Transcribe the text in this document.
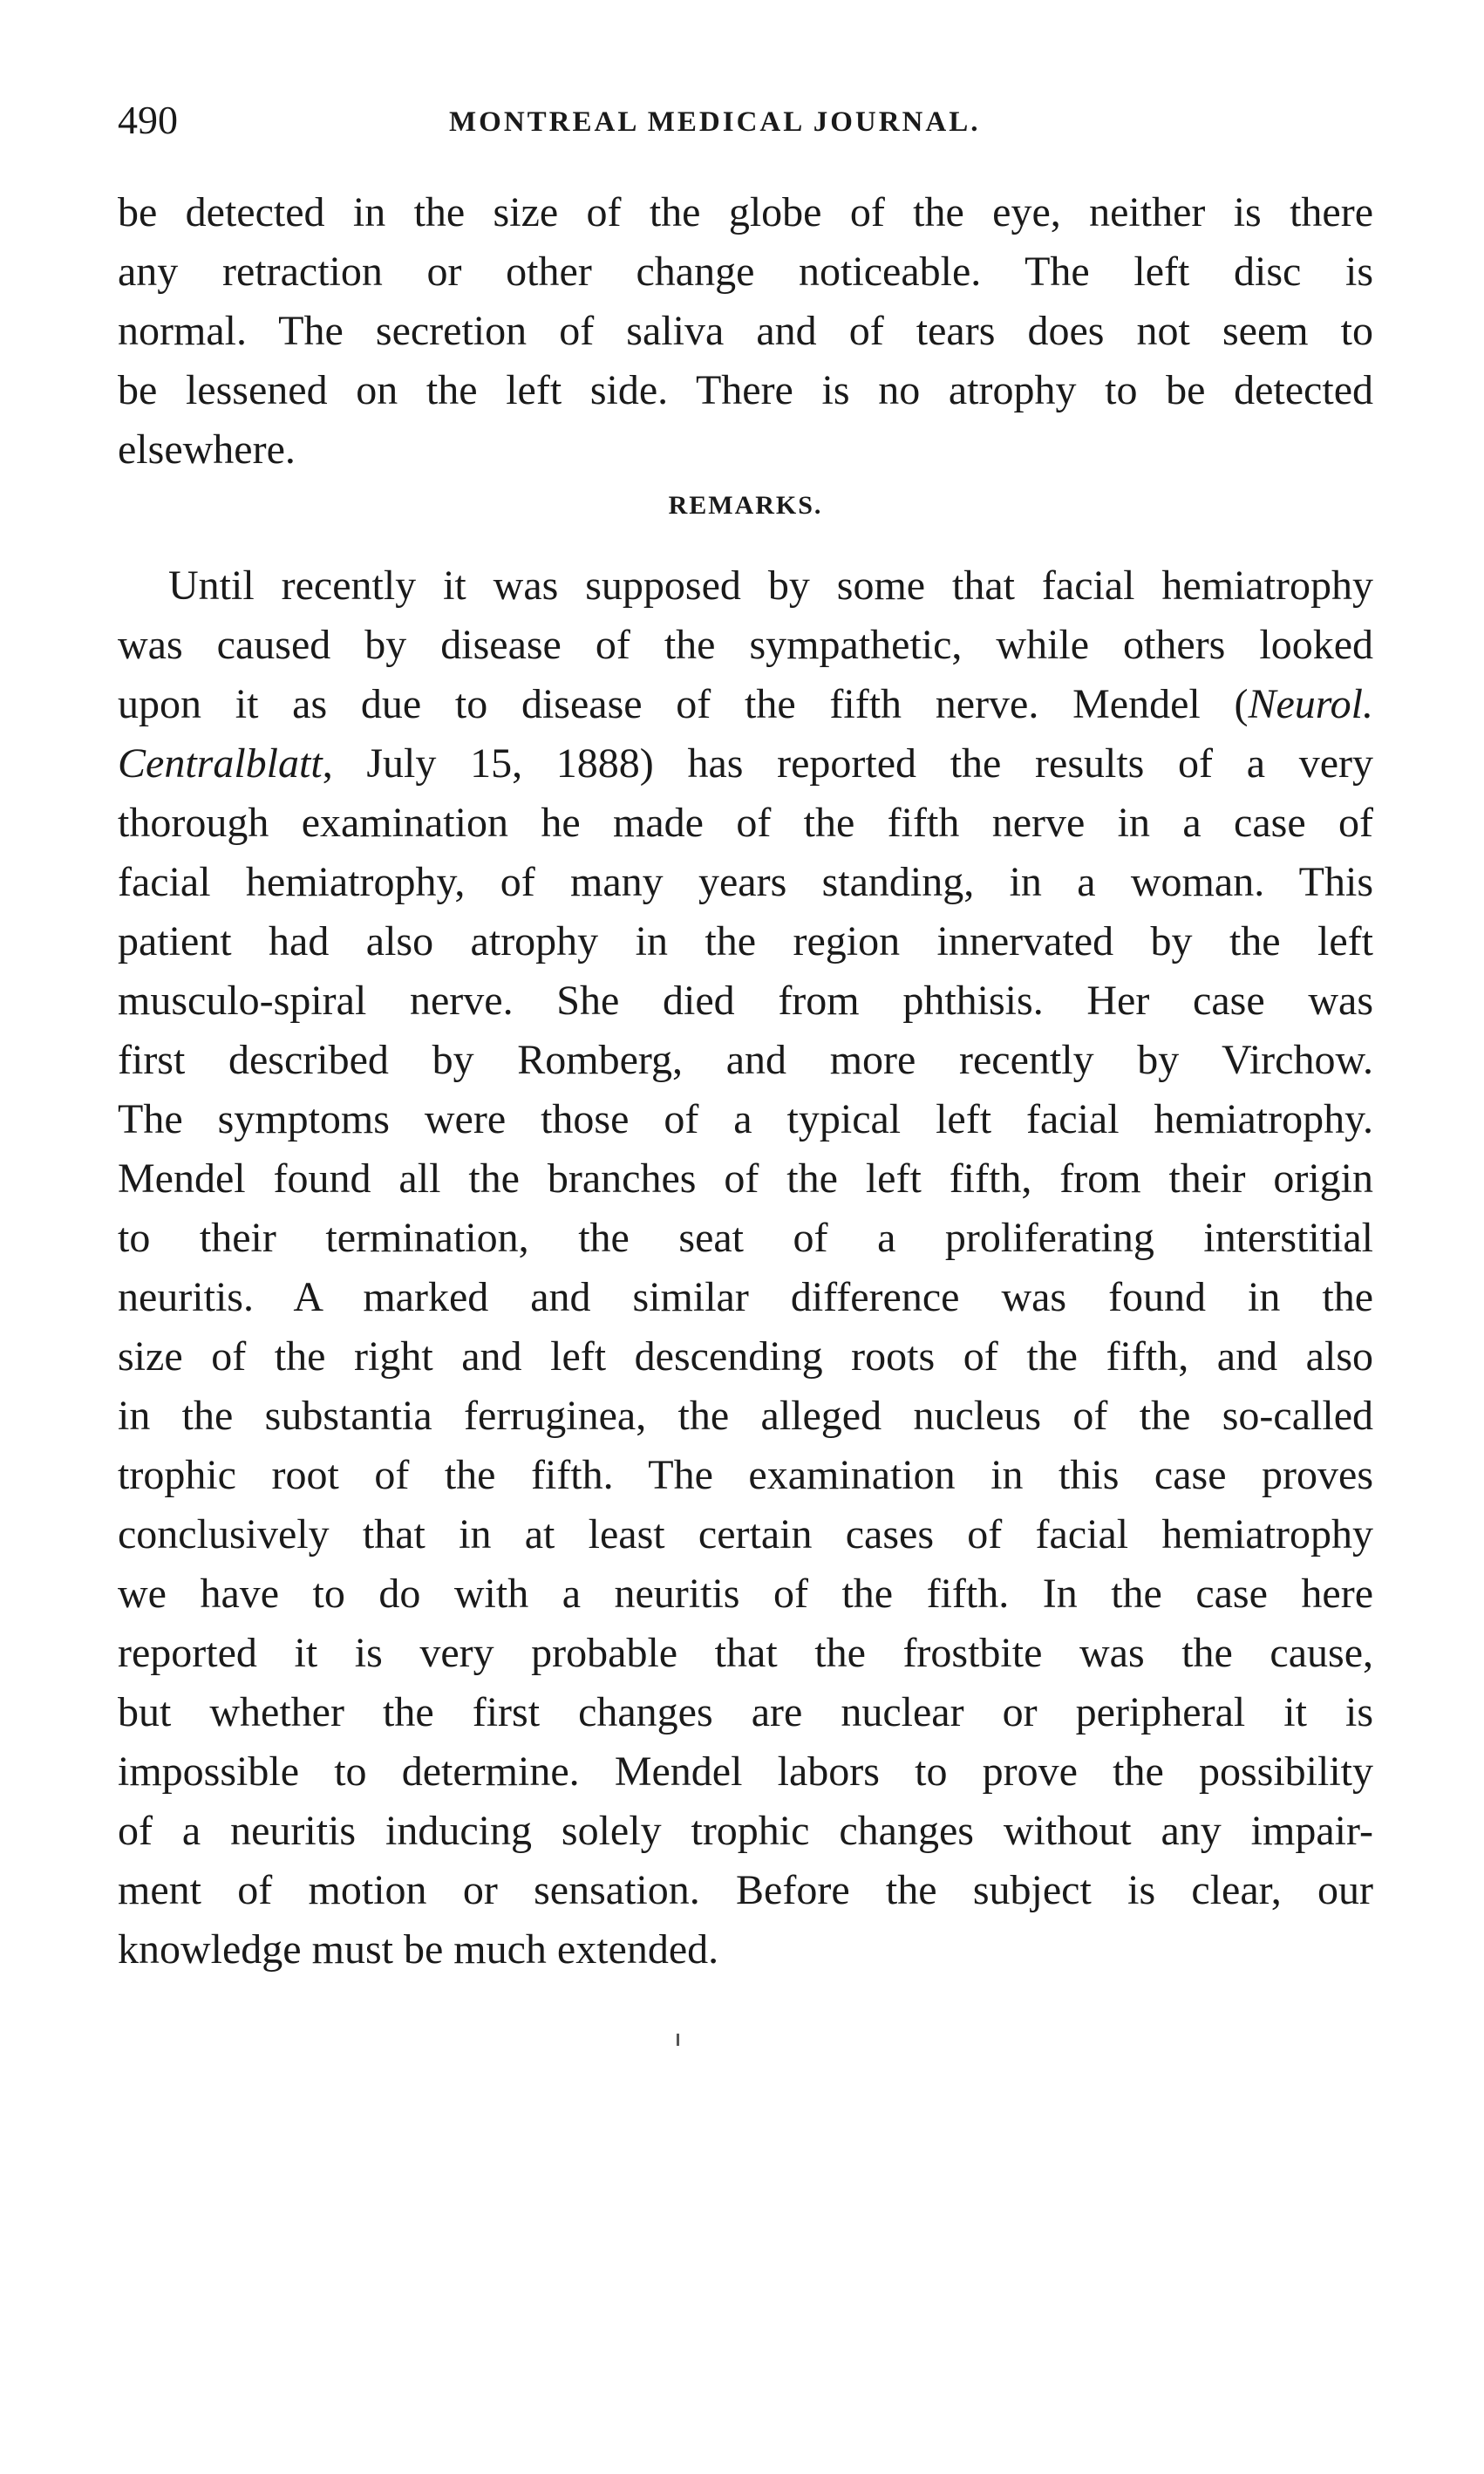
490	MONTREAL MEDICAL JOURNAL.
be detected in the size of the globe of the eye, neither is there
any retraction or other change noticeable. The left disc is
normal. The secretion of saliva and of tears does not seem to
be lessened on the left side. There is no atrophy to be detected
elsewhere.
REMARKS.
Until recently it was supposed by some that facial hemiatrophy
was caused by disease of the sympathetic, while others looked
upon it as due to disease of the fifth nerve. Mendel (Neurol.
Centralblatt, July 15, 1888) has reported the results of a very
thorough examination he made of the fifth nerve in a case of
facial hemiatrophy, of many years standing, in a woman. This
patient had also atrophy in the region innervated by the left
musculo-spiral nerve. She died from phthisis. Her case was
first described by Romberg, and more recently by Virchow.
The symptoms were those of a typical left facial hemiatrophy.
Mendel found all the branches of the left fifth, from their origin
to their termination, the seat of a proliferating interstitial
neuritis. A marked and similar difference was found in the
size of the right and left descending roots of the fifth, and also
in the substantia ferruginea, the alleged nucleus of the so-called
trophic root of the fifth. The examination in this case proves
conclusively that in at least certain cases of facial hemiatrophy
we have to do with a neuritis of the fifth. In the case here
reported it is very probable that the frostbite was the cause,
but whether the first changes are nuclear or peripheral it is
impossible to determine. Mendel labors to prove the possibility
of a neuritis inducing solely trophic changes without any impair-
ment of motion or sensation. Before the subject is clear, our
knowledge must be much extended.
